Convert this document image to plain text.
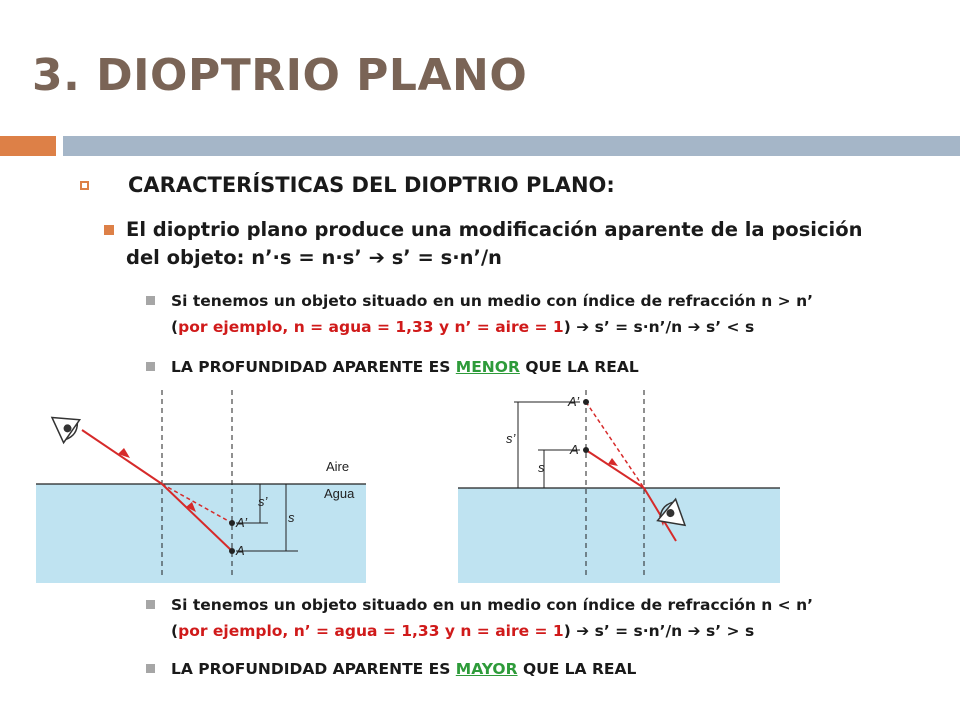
3. DIOPTRIO PLANO
CARACTERÍSTICAS DEL DIOPTRIO PLANO:
El dioptrio plano produce una modificación aparente de la posición
del objeto: n’·s = n·s’ ➔ s’ = s·n’/n
Si tenemos un objeto situado en un medio con índice de refracción n > n’
(por ejemplo, n = agua = 1,33 y n’ = aire = 1) ➔ s’ = s·n’/n ➔ s’ < s
LA PROFUNDIDAD APARENTE ES MENOR QUE LA REAL
A
A’
s’
s
Aire
Agua
A
A’
s’
s
Si tenemos un objeto situado en un medio con índice de refracción n < n’
(por ejemplo, n’ = agua = 1,33 y n = aire = 1) ➔ s’ = s·n’/n ➔ s’ > s
LA PROFUNDIDAD APARENTE ES MAYOR QUE LA REAL
